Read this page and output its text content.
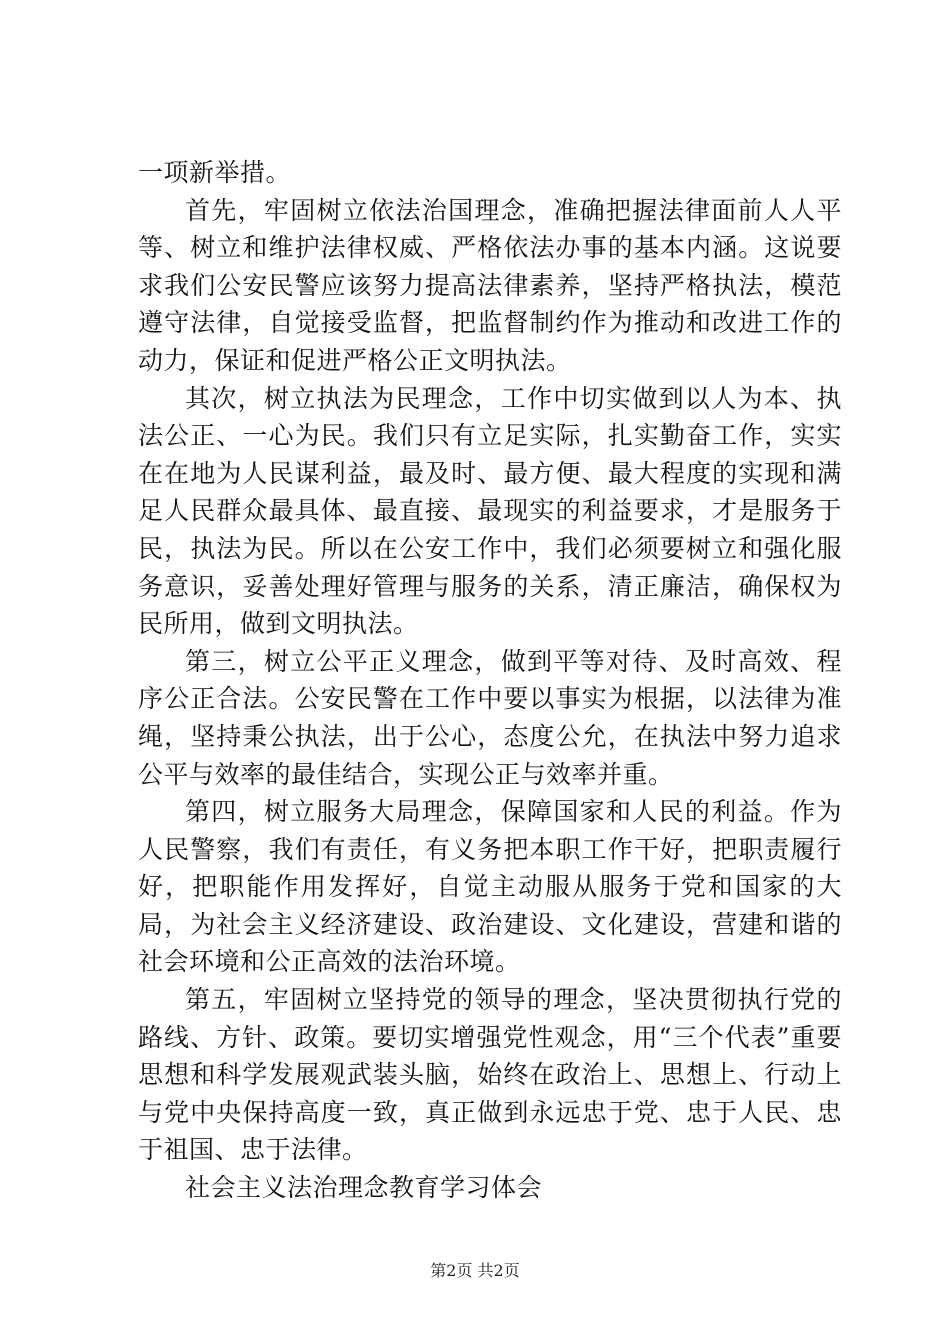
一项新举措。

首先，牢固树立依法治国理念，准确把握法律面前人人平等、树立和维护法律权威、严格依法办事的基本内涵。这说要求我们公安民警应该努力提高法律素养，坚持严格执法，模范遵守法律，自觉接受监督，把监督制约作为推动和改进工作的动力，保证和促进严格公正文明执法。

其次，树立执法为民理念，工作中切实做到以人为本、执法公正、一心为民。我们只有立足实际，扎实勤奋工作，实实在在地为人民谋利益，最及时、最方便、最大程度的实现和满足人民群众最具体、最直接、最现实的利益要求，才是服务于民，执法为民。所以在公安工作中，我们必须要树立和强化服务意识，妥善处理好管理与服务的关系，清正廉洁，确保权为民所用，做到文明执法。

第三，树立公平正义理念，做到平等对待、及时高效、程序公正合法。公安民警在工作中要以事实为根据，以法律为准绳，坚持秉公执法，出于公心，态度公允，在执法中努力追求公平与效率的最佳结合，实现公正与效率并重。

第四，树立服务大局理念，保障国家和人民的利益。作为人民警察，我们有责任，有义务把本职工作干好，把职责履行好，把职能作用发挥好，自觉主动服从服务于党和国家的大局，为社会主义经济建设、政治建设、文化建设，营建和谐的社会环境和公正高效的法治环境。

第五，牢固树立坚持党的领导的理念，坚决贯彻执行党的路线、方针、政策。要切实增强党性观念，用“三个代表”重要思想和科学发展观武装头脑，始终在政治上、思想上、行动上与党中央保持高度一致，真正做到永远忠于党、忠于人民、忠于祖国、忠于法律。

社会主义法治理念教育学习体会

第2页 共2页
